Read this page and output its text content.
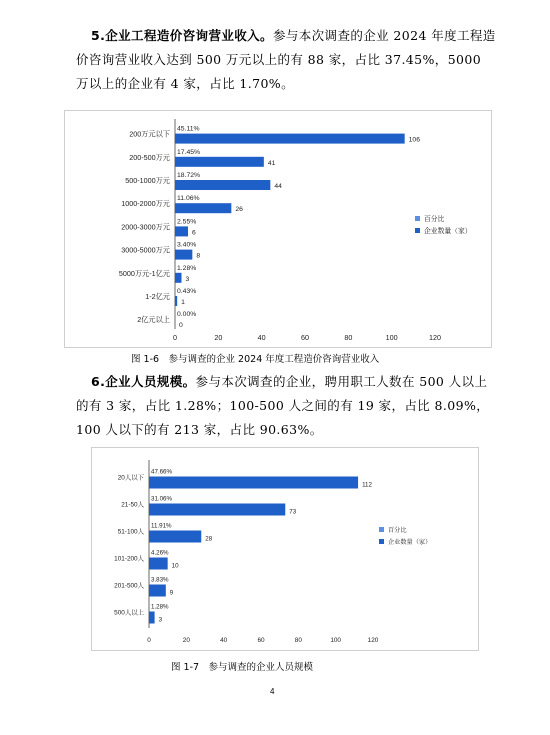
5.企业工程造价咨询营业收入。参与本次调查的企业 2024 年度工程造价咨询营业收入达到 500 万元以上的有 88 家，占比 37.45%，5000 万以上的企业有 4 家，占比 1.70%。

200万元以下
45.11%
106
200-500万元
17.45%
41
500-1000万元
18.72%
44
1000-2000万元
11.06%
26
2000-3000万元
2.55%
6
3000-5000万元
3.40%
8
5000万元-1亿元
1.28%
3
1-2亿元
0.43%
1
2亿元以上
0.00%
0
0	20	40	60	80	100	120
百分比
企业数量（家）
图 1-6　参与调查的企业 2024 年度工程造价咨询营业收入

6.企业人员规模。参与本次调查的企业，聘用职工人数在 500 人以上的有 3 家，占比 1.28%；100-500 人之间的有 19 家，占比 8.09%，100 人以下的有 213 家，占比 90.63%。

20人以下
47.66%
112
21-50人
31.06%
73
51-100人
11.91%
28
101-200人
4.26%
10
201-500人
3.83%
9
500人以上
1.28%
3
0	20	40	60	80	100	120
百分比
企业数量（家）
图 1-7　参与调查的企业人员规模
4
